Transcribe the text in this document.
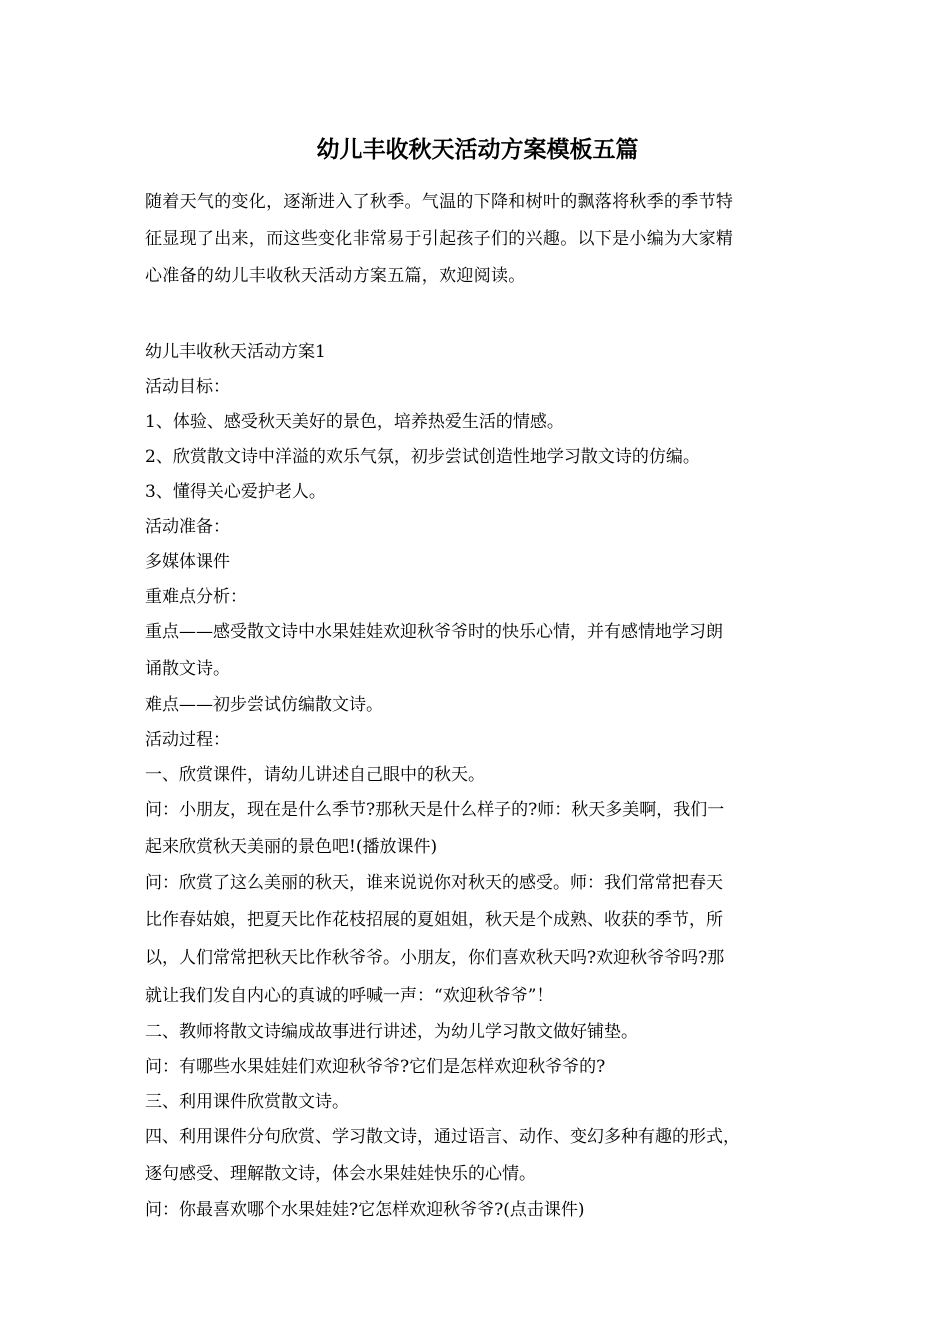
幼儿丰收秋天活动方案模板五篇

随着天气的变化，逐渐进入了秋季。气温的下降和树叶的飘落将秋季的季节特

征显现了出来，而这些变化非常易于引起孩子们的兴趣。以下是小编为大家精

心准备的幼儿丰收秋天活动方案五篇，欢迎阅读。

幼儿丰收秋天活动方案1

活动目标：

1、体验、感受秋天美好的景色，培养热爱生活的情感。

2、欣赏散文诗中洋溢的欢乐气氛，初步尝试创造性地学习散文诗的仿编。

3、懂得关心爱护老人。

活动准备：

多媒体课件

重难点分析：

重点——感受散文诗中水果娃娃欢迎秋爷爷时的快乐心情，并有感情地学习朗

诵散文诗。

难点——初步尝试仿编散文诗。

活动过程：

一、欣赏课件，请幼儿讲述自己眼中的秋天。

问：小朋友，现在是什么季节?那秋天是什么样子的?师：秋天多美啊，我们一

起来欣赏秋天美丽的景色吧!(播放课件)

问：欣赏了这么美丽的秋天，谁来说说你对秋天的感受。师：我们常常把春天

比作春姑娘，把夏天比作花枝招展的夏姐姐，秋天是个成熟、收获的季节，所

以，人们常常把秋天比作秋爷爷。小朋友，你们喜欢秋天吗?欢迎秋爷爷吗?那

就让我们发自内心的真诚的呼喊一声：“欢迎秋爷爷”！

二、教师将散文诗编成故事进行讲述，为幼儿学习散文做好铺垫。

问：有哪些水果娃娃们欢迎秋爷爷?它们是怎样欢迎秋爷爷的?

三、利用课件欣赏散文诗。

四、利用课件分句欣赏、学习散文诗，通过语言、动作、变幻多种有趣的形式，

逐句感受、理解散文诗，体会水果娃娃快乐的心情。

问：你最喜欢哪个水果娃娃?它怎样欢迎秋爷爷?(点击课件)
